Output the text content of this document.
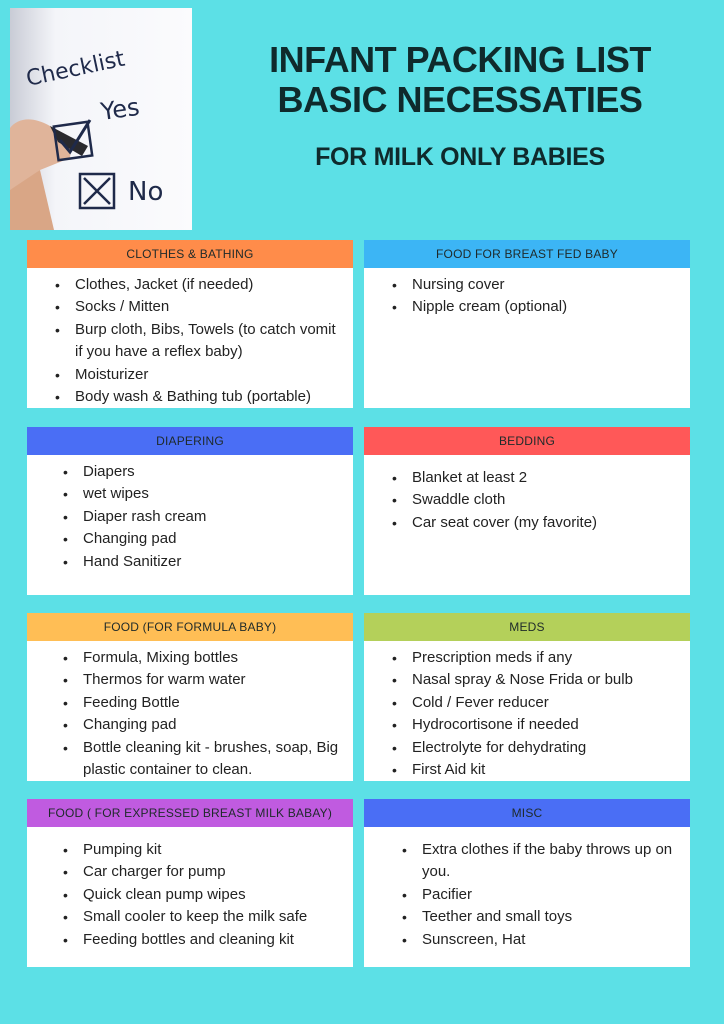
Checklist
Yes
No
INFANT PACKING LIST
BASIC NECESSATIES
FOR MILK ONLY BABIES
CLOTHES & BATHING
• Clothes, Jacket (if needed)
• Socks / Mitten
• Burp cloth, Bibs, Towels (to catch vomit if you have a reflex baby)
• Moisturizer
• Body wash & Bathing tub (portable)
FOOD FOR BREAST FED BABY
• Nursing cover
• Nipple cream (optional)
DIAPERING
• Diapers
• wet wipes
• Diaper rash cream
• Changing pad
• Hand Sanitizer
BEDDING
• Blanket at least 2
• Swaddle cloth
• Car seat cover (my favorite)
FOOD (FOR FORMULA BABY)
• Formula, Mixing bottles
• Thermos for warm water
• Feeding Bottle
• Changing pad
• Bottle cleaning kit - brushes, soap, Big plastic container to clean.
MEDS
• Prescription meds if any
• Nasal spray & Nose Frida or bulb
• Cold / Fever reducer
• Hydrocortisone if needed
• Electrolyte for dehydrating
• First Aid kit
FOOD ( FOR EXPRESSED BREAST MILK BABAY)
• Pumping kit
• Car charger for pump
• Quick clean pump wipes
• Small cooler to keep the milk safe
• Feeding bottles and cleaning kit
MISC
• Extra clothes if the baby throws up on you.
• Pacifier
• Teether and small toys
• Sunscreen, Hat
